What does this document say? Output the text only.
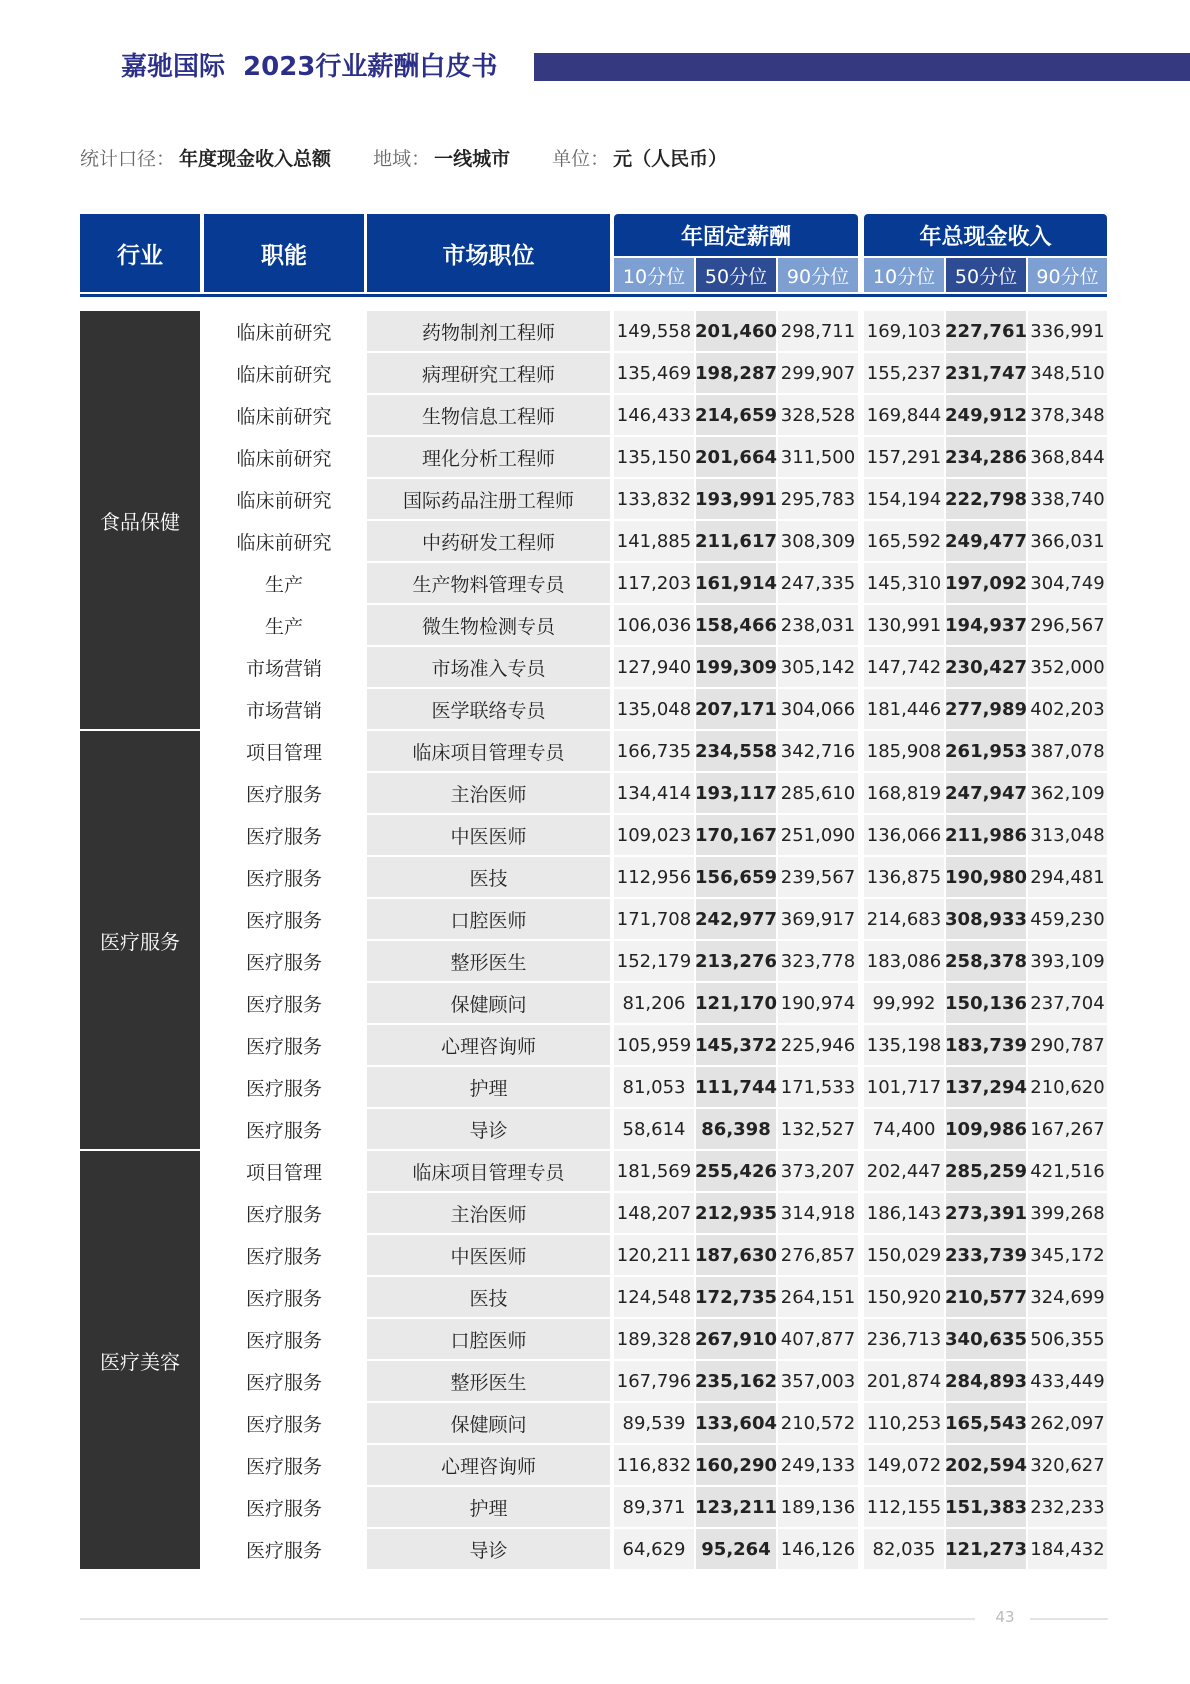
嘉驰国际 2023行业薪酬白皮书
统计口径： 年度现金收入总额 地域： 一线城市 单位： 元（人民币）
行业	职能	市场职位
年固定薪酬
10分位	50分位	90分位
年总现金收入
10分位	50分位	90分位
食品保健
临床前研究	药物制剂工程师	149,558 201,460 298,711 169,103 227,761 336,991
临床前研究	病理研究工程师	135,469 198,287 299,907 155,237 231,747 348,510
临床前研究	生物信息工程师	146,433 214,659 328,528 169,844 249,912 378,348
临床前研究	理化分析工程师	135,150 201,664 311,500 157,291 234,286 368,844
临床前研究	国际药品注册工程师	133,832 193,991 295,783 154,194 222,798 338,740
临床前研究	中药研发工程师	141,885 211,617 308,309 165,592 249,477 366,031
生产	生产物料管理专员	117,203 161,914 247,335 145,310 197,092 304,749
生产	微生物检测专员	106,036 158,466 238,031 130,991 194,937 296,567
市场营销	市场准入专员	127,940 199,309 305,142 147,742 230,427 352,000
市场营销	医学联络专员	135,048 207,171 304,066 181,446 277,989 402,203
医疗服务
项目管理	临床项目管理专员	166,735 234,558 342,716 185,908 261,953 387,078
医疗服务	主治医师	134,414 193,117 285,610 168,819 247,947 362,109
医疗服务	中医医师	109,023 170,167 251,090 136,066 211,986 313,048
医疗服务	医技	112,956 156,659 239,567 136,875 190,980 294,481
医疗服务	口腔医师	171,708 242,977 369,917 214,683 308,933 459,230
医疗服务	整形医生	152,179 213,276 323,778 183,086 258,378 393,109
医疗服务	保健顾问	81,206 121,170 190,974 99,992 150,136 237,704
医疗服务	心理咨询师	105,959 145,372 225,946 135,198 183,739 290,787
医疗服务	护理	81,053 111,744 171,533 101,717 137,294 210,620
医疗服务	导诊	58,614 86,398 132,527 74,400 109,986 167,267
医疗美容
项目管理	临床项目管理专员	181,569 255,426 373,207 202,447 285,259 421,516
医疗服务	主治医师	148,207 212,935 314,918 186,143 273,391 399,268
医疗服务	中医医师	120,211 187,630 276,857 150,029 233,739 345,172
医疗服务	医技	124,548 172,735 264,151 150,920 210,577 324,699
医疗服务	口腔医师	189,328 267,910 407,877 236,713 340,635 506,355
医疗服务	整形医生	167,796 235,162 357,003 201,874 284,893 433,449
医疗服务	保健顾问	89,539 133,604 210,572 110,253 165,543 262,097
医疗服务	心理咨询师	116,832 160,290 249,133 149,072 202,594 320,627
医疗服务	护理	89,371 123,211 189,136 112,155 151,383 232,233
医疗服务	导诊	64,629 95,264 146,126 82,035 121,273 184,432
43
